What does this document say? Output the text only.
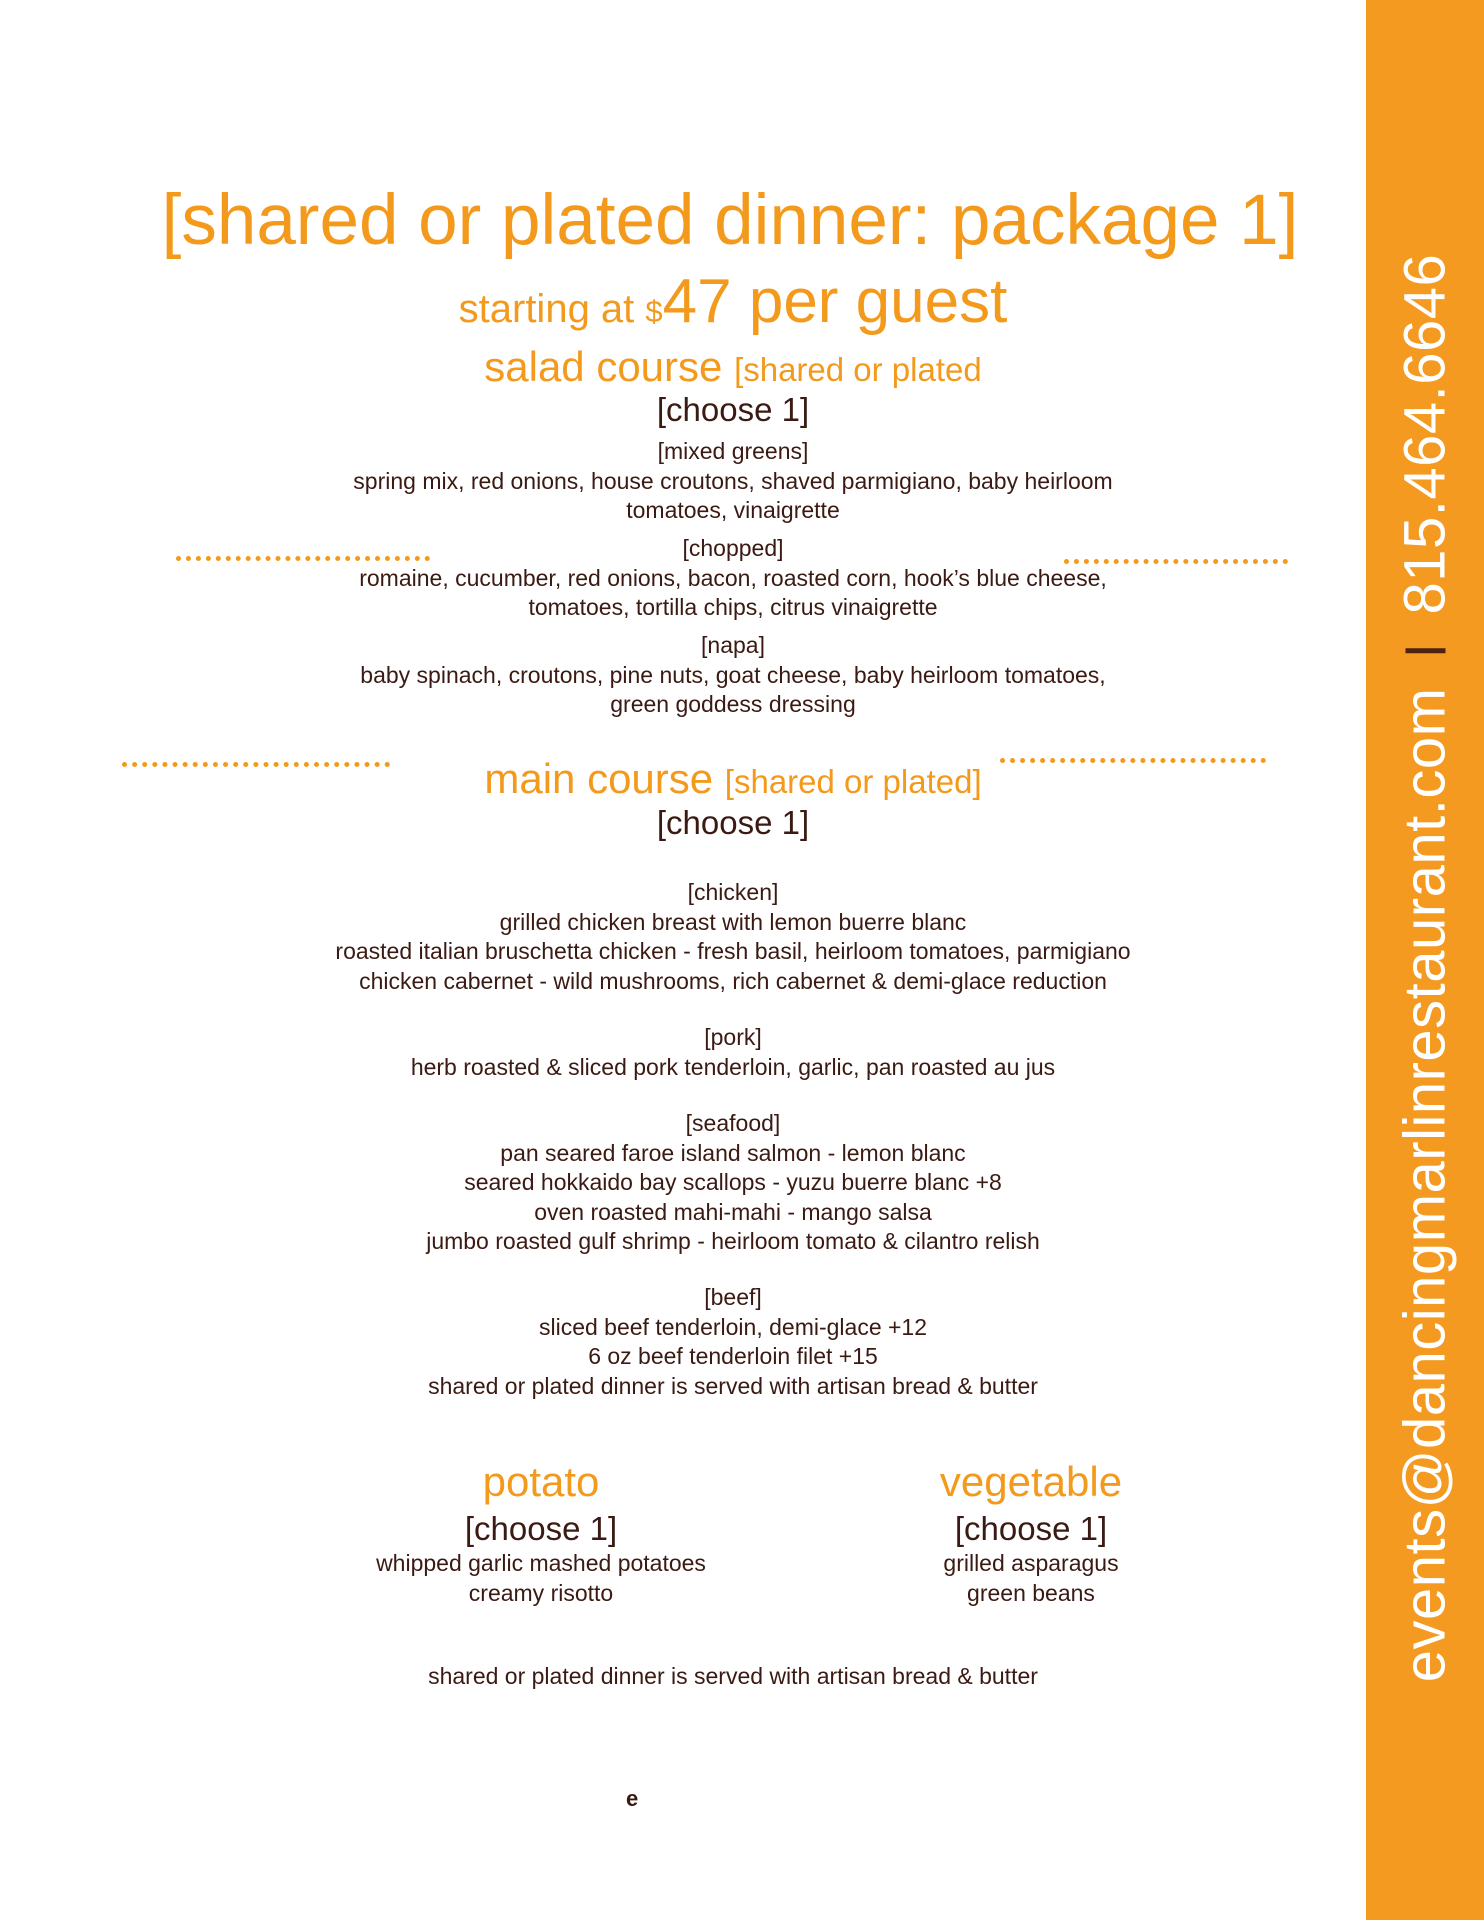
events@dancingmarlinrestaurant.com815.464.6646
[shared or plated dinner: package 1]
starting at $47 per guest
salad course [shared or plated
[choose 1]
[mixed greens]
spring mix, red onions, house croutons, shaved parmigiano, baby heirloom
tomatoes, vinaigrette
[chopped]
romaine, cucumber, red onions, bacon, roasted corn, hook’s blue cheese,
tomatoes, tortilla chips, citrus vinaigrette
[napa]
baby spinach, croutons, pine nuts, goat cheese, baby heirloom tomatoes,
green goddess dressing
main course [shared or plated]
[choose 1]
[chicken]
grilled chicken breast with lemon buerre blanc
roasted italian bruschetta chicken - fresh basil, heirloom tomatoes, parmigiano
chicken cabernet - wild mushrooms, rich cabernet & demi-glace reduction
[pork]
herb roasted & sliced pork tenderloin, garlic, pan roasted au jus
[seafood]
pan seared faroe island salmon - lemon blanc
seared hokkaido bay scallops - yuzu buerre blanc +8
oven roasted mahi-mahi - mango salsa
jumbo roasted gulf shrimp - heirloom tomato & cilantro relish
[beef]
sliced beef tenderloin, demi-glace +12
6 oz beef tenderloin filet +15
shared or plated dinner is served with artisan bread & butter
potato
[choose 1]
whipped garlic mashed potatoes
creamy risotto
vegetable
[choose 1]
grilled asparagus
green beans
shared or plated dinner is served with artisan bread & butter
e
